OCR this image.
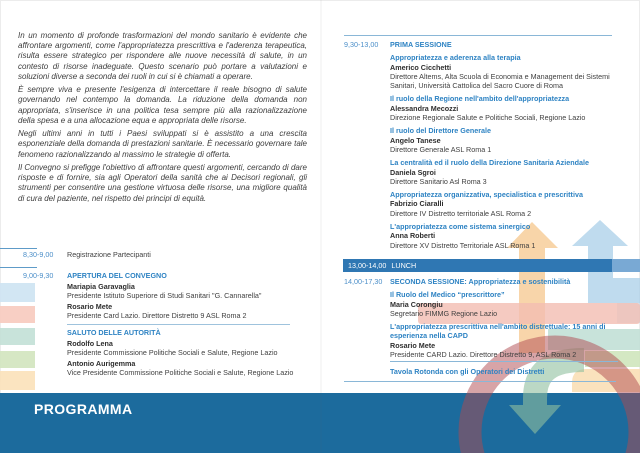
In un momento di profonde trasformazioni del mondo sanitario è evidente che affrontare argomenti, come l'appropriatezza prescrittiva e l'aderenza terapeutica, risulta essere strategico per rispondere alle nuove necessità di salute, in un contesto di risorse inadeguate. Questo scenario può portare a valutazioni e soluzioni diverse a seconda dei ruoli in cui si è chiamati a operare.

È sempre viva e presente l'esigenza di intercettare il reale bisogno di salute governando nel contempo la domanda. La riduzione della domanda non appropriata, s'inserisce in una politica tesa sempre più alla razionalizzazione della spesa e a una allocazione equa e appropriata delle risorse.

Negli ultimi anni in tutti i Paesi sviluppati si è assistito a una crescita esponenziale della domanda di prestazioni sanitarie. È necessario governare tale fenomeno razionalizzando al massimo le strategie di offerta.

Il Convegno si prefigge l'obiettivo di affrontare questi argomenti, cercando di dare risposte e di fornire, sia agli Operatori della sanità che ai Decisori regionali, gli strumenti per consentire una gestione virtuosa delle risorse, una migliore qualità di cura del paziente, nel rispetto dei principi di equità.

8,30-9,00	Registrazione Partecipanti
9,00-9,30	APERTURA DEL CONVEGNO
Mariapia Garavaglia
Presidente Istituto Superiore di Studi Sanitari "G. Cannarella"
Rosario Mete
Presidente Card Lazio. Direttore Distretto 9 ASL Roma 2
SALUTO DELLE AUTORITÀ
Rodolfo Lena
Presidente Commissione Politiche Sociali e Salute, Regione Lazio
Antonio Aurigemma
Vice Presidente Commissione Politiche Sociali e Salute, Regione Lazio
9,30-13,00	PRIMA SESSIONE
Appropriatezza e aderenza alla terapia
Americo Cicchetti
Direttore Altems, Alta Scuola di Economia e Management dei Sistemi Sanitari, Università Cattolica del Sacro Cuore di Roma
Il ruolo della Regione nell'ambito dell'appropriatezza
Alessandra Mecozzi
Direzione Regionale Salute e Politiche Sociali, Regione Lazio
Il ruolo del Direttore Generale
Angelo Tanese
Direttore Generale ASL Roma 1
La centralità ed il ruolo della Direzione Sanitaria Aziendale
Daniela Sgroi
Direttore Sanitario Asl Roma 3
Appropriatezza organizzativa, specialistica e prescrittiva
Fabrizio Ciaralli
Direttore IV Distretto territoriale ASL Roma 2
L'appropriatezza come sistema sinergico
Anna Roberti
Direttore XV Distretto Territoriale ASL Roma 1
13,00-14,00 LUNCH
14,00-17,30	SECONDA SESSIONE: Appropriatezza e sostenibilità
Il Ruolo del Medico “prescrittore”
Maria Corongiu
Segretario FIMMG Regione Lazio
L'appropriatezza prescrittiva nell'ambito distrettuale: 15 anni di esperienza nella CAPD
Rosario Mete
Presidente CARD Lazio. Direttore Distretto 9, ASL Roma 2
Tavola Rotonda con gli Operatori dei Distretti
PROGRAMMA
